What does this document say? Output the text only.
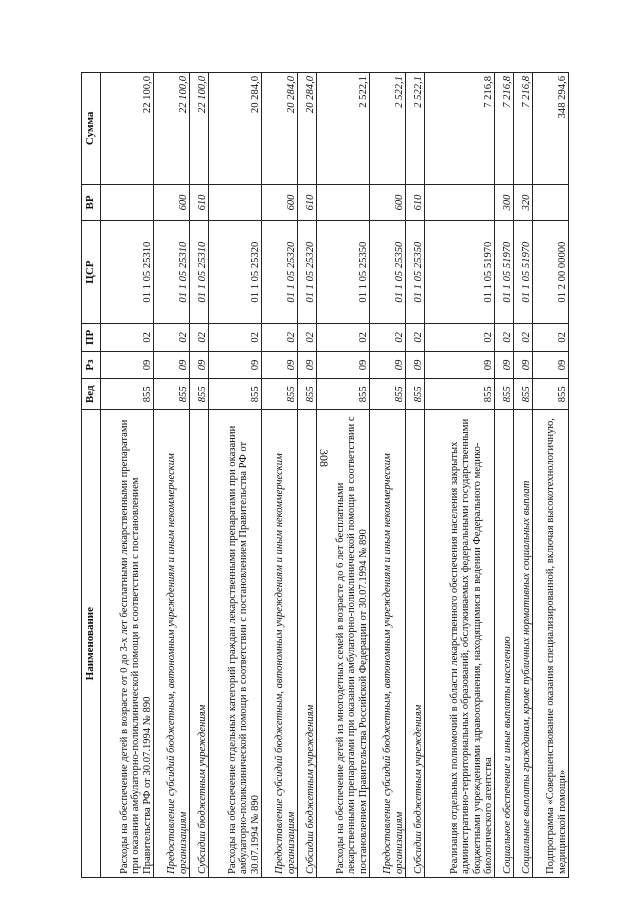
308
Наименование	Вед	Рз	ПР	ЦСР	ВР	Сумма
Расходы на обеспечение детей в возрасте от 0 до 3-х лет бесплатными лекарственными препаратами при оказании амбулаторно-поликлинической помощи в соответствии с постановлением Правительства РФ от 30.07.1994 № 890	855	09	02	01 1 05 25310		22 100,0
Предоставление субсидий бюджетным, автономным учреждениям и иным некоммерческим организациям	855	09	02	01 1 05 25310	600	22 100,0
Субсидии бюджетным учреждениям	855	09	02	01 1 05 25310	610	22 100,0
Расходы на обеспечение отдельных категорий граждан лекарственными препаратами при оказании амбулаторно-поликлинической помощи в соответствии с постановлением Правительства РФ от 30.07.1994 № 890	855	09	02	01 1 05 25320		20 284,0
Предоставление субсидий бюджетным, автономным учреждениям и иным некоммерческим организациям	855	09	02	01 1 05 25320	600	20 284,0
Субсидии бюджетным учреждениям	855	09	02	01 1 05 25320	610	20 284,0
Расходы на обеспечение детей из многодетных семей в возрасте до 6 лет бесплатными лекарственными препаратами при оказании амбулаторно-поликлинической помощи в соответствии с постановлением Правительства Российской Федерации от 30.07.1994 № 890	855	09	02	01 1 05 25350		2 522,1
Предоставление субсидий бюджетным, автономным учреждениям и иным некоммерческим организациям	855	09	02	01 1 05 25350	600	2 522,1
Субсидии бюджетным учреждениям	855	09	02	01 1 05 25350	610	2 522,1
Реализация отдельных полномочий в области лекарственного обеспечения населения закрытых административно-территориальных образований, обслуживаемых федеральными государственными бюджетными учреждениями здравоохранения, находящимися в ведении Федерального медико-биологического агентства	855	09	02	01 1 05 51970		7 216,8
Социальное обеспечение и иные выплаты населению	855	09	02	01 1 05 51970	300	7 216,8
Социальные выплаты гражданам, кроме публичных нормативных социальных выплат	855	09	02	01 1 05 51970	320	7 216,8
Подпрограмма «Совершенствование оказания специализированной, включая высокотехнологичную, медицинской помощи»	855	09	02	01 2 00 00000		348 294,6
